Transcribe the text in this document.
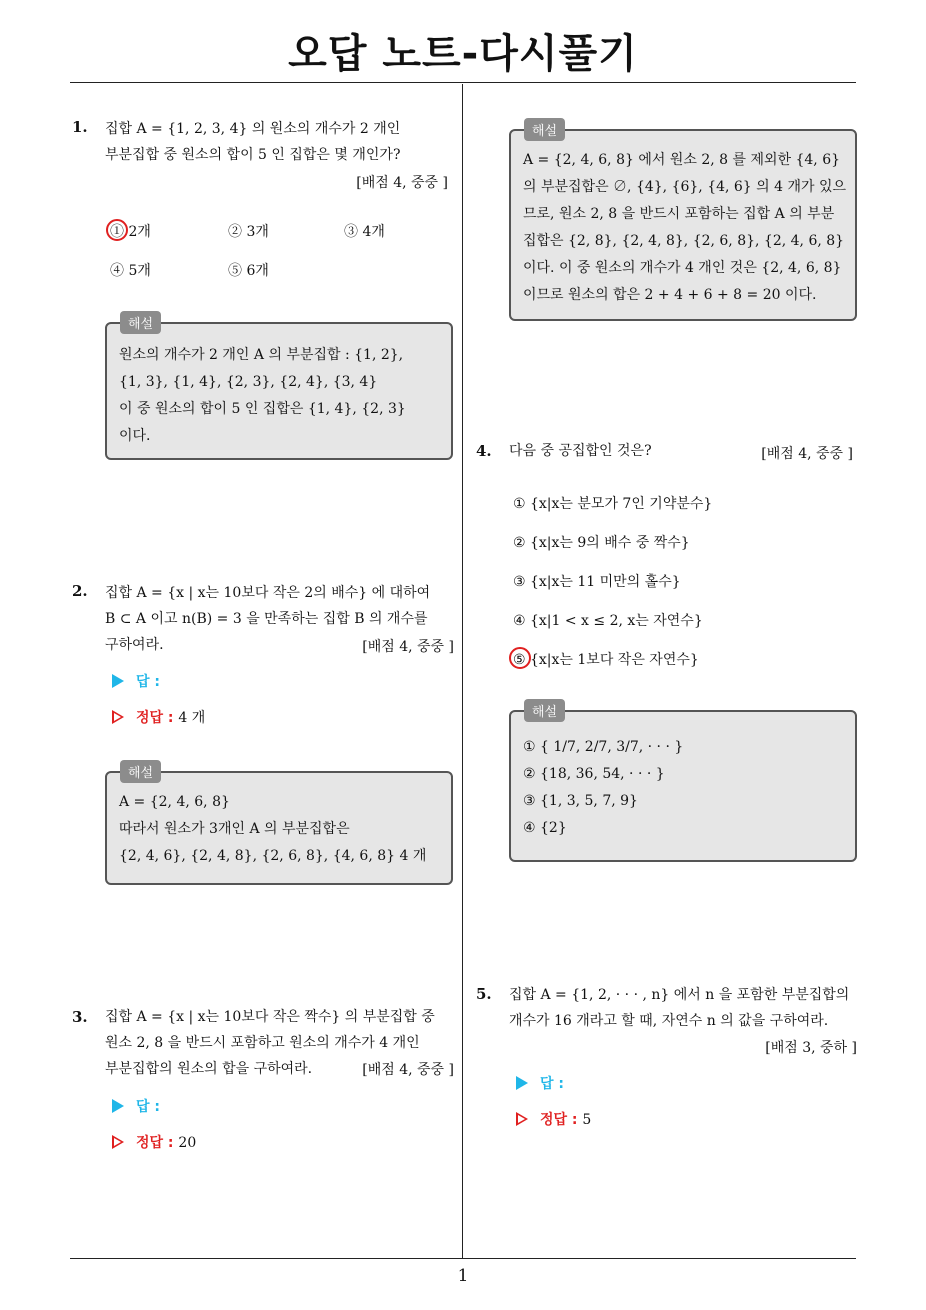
오답 노트-다시풀기
1
1. 집합 A = {1, 2, 3, 4} 의 원소의 개수가 2 개인
부분집합 중 원소의 합이 5 인 집합은 몇 개인가?
[배점 4, 중중 ]
① 2개	② 3개	③ 4개
④ 5개	⑤ 6개
원소의 개수가 2 개인 A 의 부분집합 : {1, 2},
{1, 3}, {1, 4}, {2, 3}, {2, 4}, {3, 4}
이 중 원소의 합이 5 인 집합은 {1, 4}, {2, 3}
이다.
해설
2. 집합 A = {x | x는 10보다 작은 2의 배수} 에 대하여
B ⊂ A 이고 n(B) = 3 을 만족하는 집합 B 의 개수를
구하여라.	[배점 4, 중중 ]
답 :
정답 : 4 개
A = {2, 4, 6, 8}
따라서 원소가 3개인 A 의 부분집합은
{2, 4, 6}, {2, 4, 8}, {2, 6, 8}, {4, 6, 8} 4 개
해설
3. 집합 A = {x | x는 10보다 작은 짝수} 의 부분집합 중
원소 2, 8 을 반드시 포함하고 원소의 개수가 4 개인
부분집합의 원소의 합을 구하여라.	[배점 4, 중중 ]
답 :
정답 : 20
A = {2, 4, 6, 8} 에서 원소 2, 8 를 제외한 {4, 6}
의 부분집합은 ∅, {4}, {6}, {4, 6} 의 4 개가 있으
므로, 원소 2, 8 을 반드시 포함하는 집합 A 의 부분
집합은 {2, 8}, {2, 4, 8}, {2, 6, 8}, {2, 4, 6, 8}
이다. 이 중 원소의 개수가 4 개인 것은 {2, 4, 6, 8}
이므로 원소의 합은 2 + 4 + 6 + 8 = 20 이다.
해설
4. 다음 중 공집합인 것은?	[배점 4, 중중 ]
① {x|x는 분모가 7인 기약분수}
② {x|x는 9의 배수 중 짝수}
③ {x|x는 11 미만의 홀수}
④ {x|1 < x ≤ 2, x는 자연수}
⑤ {x|x는 1보다 작은 자연수}
① { 1/7, 2/7, 3/7, · · · }
② {18, 36, 54, · · · }
③ {1, 3, 5, 7, 9}
④ {2}
해설
5. 집합 A = {1, 2, · · · , n} 에서 n 을 포함한 부분집합의
개수가 16 개라고 할 때, 자연수 n 의 값을 구하여라.
[배점 3, 중하 ]
답 :
정답 : 5
